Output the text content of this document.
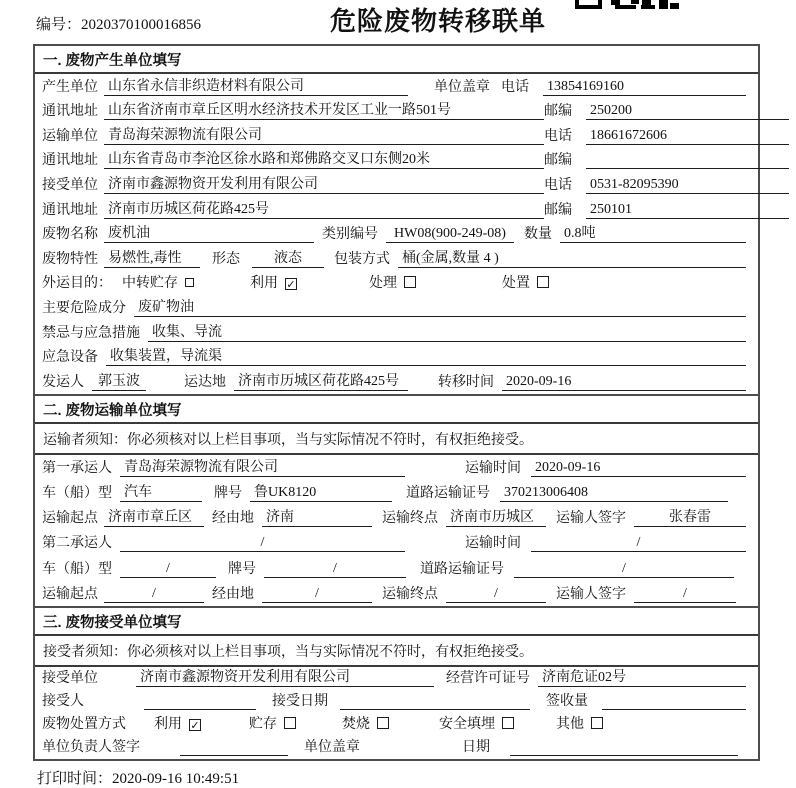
编号：2020370100016856	危险废物转移联单
一. 废物产生单位填写
产生单位 山东省永信非织造材料有限公司	单位盖章 电话	13854169160
通讯地址 山东省济南市章丘区明水经济技术开发区工业一路501号	邮编	250200
运输单位 青岛海荣源物流有限公司	电话	18661672606
通讯地址 山东省青岛市李沧区徐水路和郑佛路交叉口东侧20米	邮编
接受单位 济南市鑫源物资开发利用有限公司	电话	0531-82095390
通讯地址 济南市历城区荷花路425号	邮编	250101
废物名称 废机油	类别编号	HW08(900-249-08)	数量 0.8吨
废物特性 易燃性,毒性	形态	液态	包装方式 桶(金属,数量 4 )
外运目的： 中转贮存	利用 ✓	处理	处置
主要危险成分 废矿物油
禁忌与应急措施 收集、导流
应急设备 收集装置，导流渠
发运人	郭玉波	运达地 济南市历城区荷花路425号	转移时间 2020-09-16
二. 废物运输单位填写
运输者须知：你必须核对以上栏目事项，当与实际情况不符时，有权拒绝接受。
第一承运人 青岛海荣源物流有限公司	运输时间 2020-09-16
车（船）型 汽车	牌号 鲁UK8120	道路运输证号 370213006408
运输起点 济南市章丘区	经由地 济南	运输终点 济南市历城区	运输人签字	张春雷
第二承运人	/	运输时间	/
车（船）型	/	牌号	/	道路运输证号	/
运输起点	/	经由地	/	运输终点	/	运输人签字	/
三. 废物接受单位填写
接受者须知：你必须核对以上栏目事项，当与实际情况不符时，有权拒绝接受。
接受单位	济南市鑫源物资开发利用有限公司	经营许可证号 济南危证02号
接受人	接受日期	签收量
废物处置方式 利用 ✓	贮存	焚烧	安全填埋	其他
单位负责人签字	单位盖章	日期
打印时间：2020-09-16 10:49:51
